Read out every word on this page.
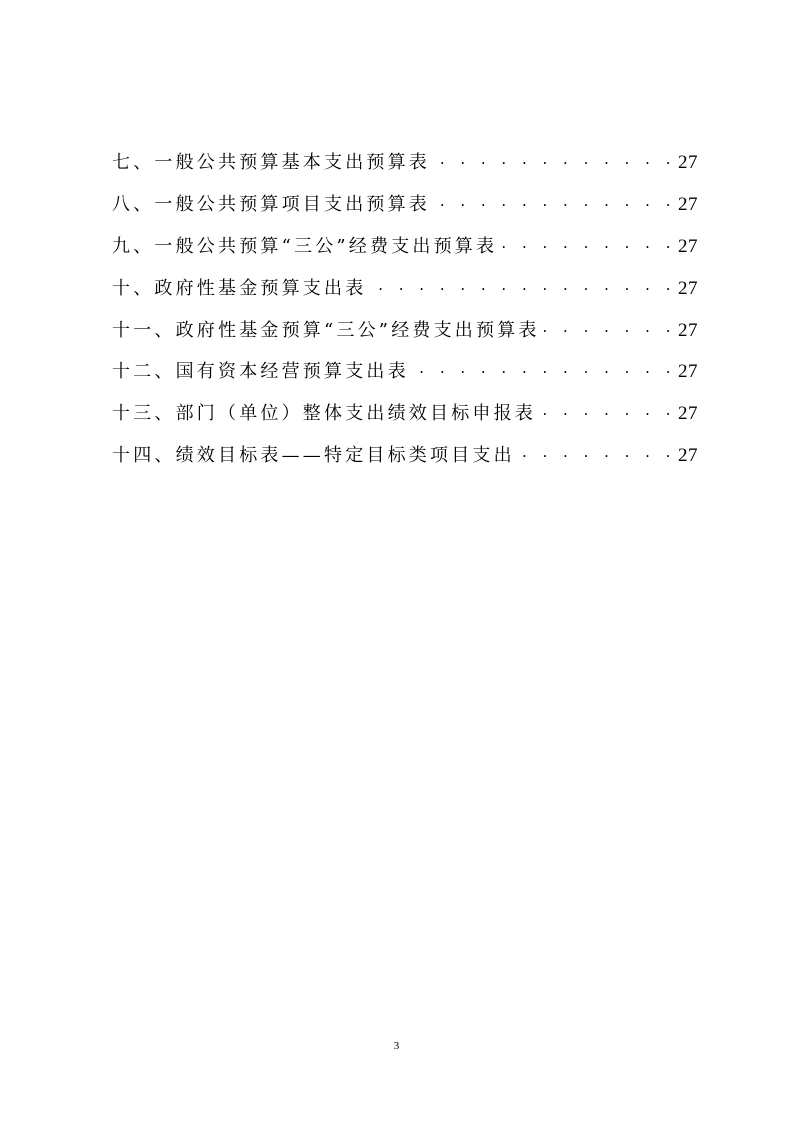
七、一般公共预算基本支出预算表 · · ·	27
八、一般公共预算项目支出预算表 · · ·	27
九、一般公共预算“三公”经费支出预算表 · · ·	27
十、政府性基金预算支出表 · · ·	27
十一、政府性基金预算“三公”经费支出预算表 · · ·	27
十二、国有资本经营预算支出表 · · ·	27
十三、部门（单位）整体支出绩效目标申报表 · · ·	27
十四、绩效目标表——特定目标类项目支出 · · ·	27
3
